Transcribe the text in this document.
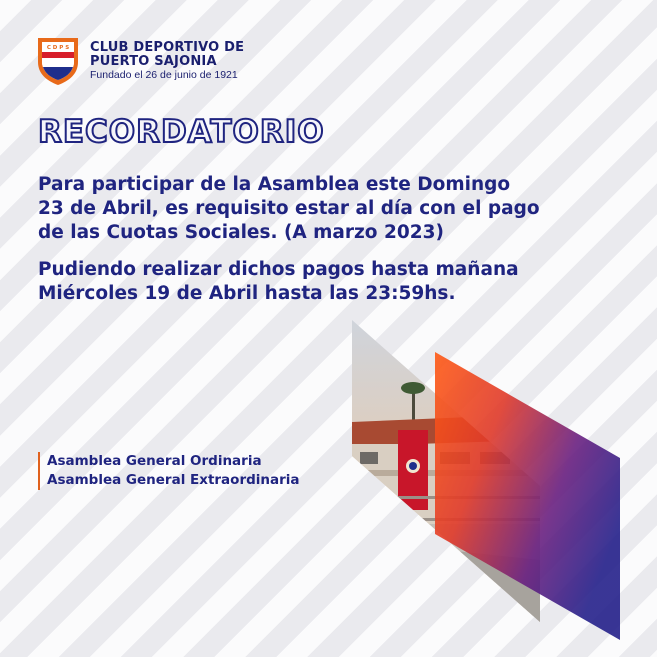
C D P S CLUB DEPORTIVO DE
PUERTO SAJONIA
Fundado el 26 de junio de 1921
RECORDATORIO
Para participar de la Asamblea este Domingo
23 de Abril, es requisito estar al día con el pago
de las Cuotas Sociales. (A marzo 2023)
Pudiendo realizar dichos pagos hasta mañana
Miércoles 19 de Abril hasta las 23:59hs.
Asamblea General Ordinaria
Asamblea General Extraordinaria
